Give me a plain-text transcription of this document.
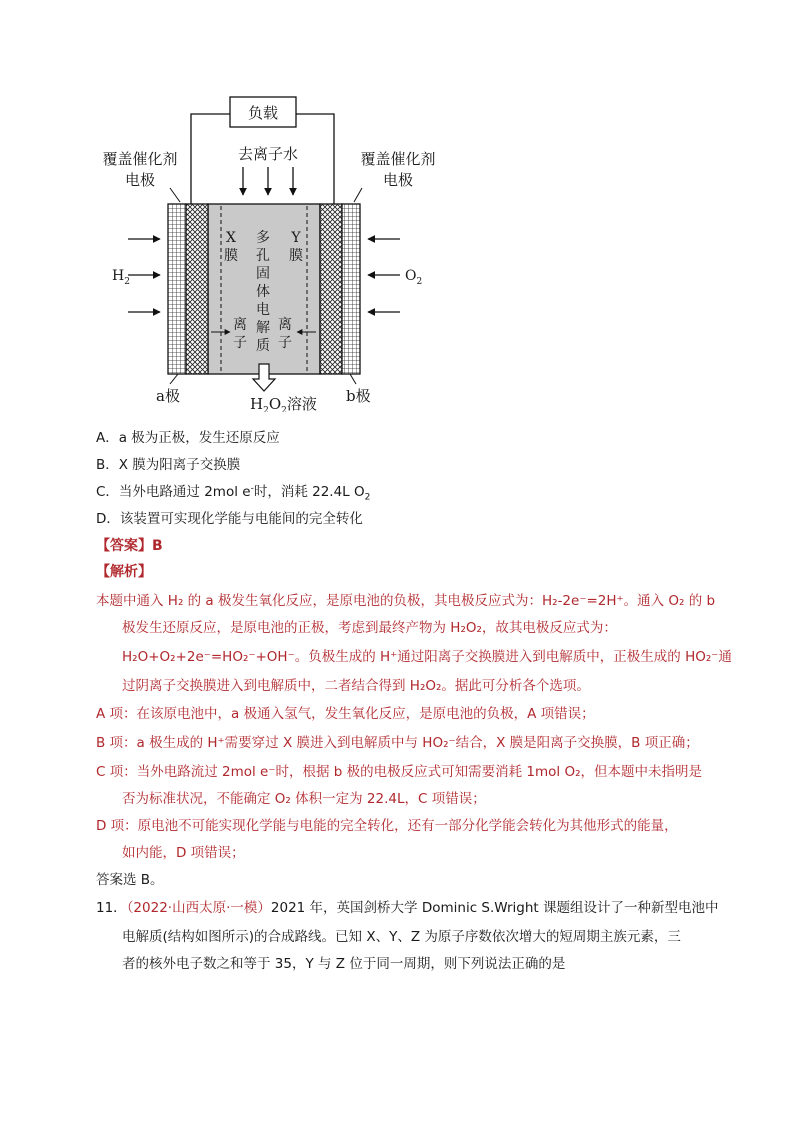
负载
去离子水
覆盖催化剂
电极
覆盖催化剂
电极
X
膜
Y
膜
多
孔
固
体
电
解
质
离
子
离
子
$H_2$	$O_2$
a极	b极
$H_2O_2$溶液
A．a 极为正极，发生还原反应
B．X 膜为阳离子交换膜
C．当外电路通过 2mol e-时，消耗 22.4L $O_2$
D．该装置可实现化学能与电能间的完全转化
【答案】B
【解析】
本题中通入 H₂ 的 a 极发生氧化反应，是原电池的负极，其电极反应式为：H₂-2e⁻=2H⁺。通入 O₂ 的 b
极发生还原反应，是原电池的正极，考虑到最终产物为 H₂O₂，故其电极反应式为：
H₂O+O₂+2e⁻=HO₂⁻+OH⁻。负极生成的 H⁺通过阳离子交换膜进入到电解质中，正极生成的 HO₂⁻通
过阴离子交换膜进入到电解质中，二者结合得到 H₂O₂。据此可分析各个选项。
A 项：在该原电池中，a 极通入氢气，发生氧化反应，是原电池的负极，A 项错误；
B 项：a 极生成的 H⁺需要穿过 X 膜进入到电解质中与 HO₂⁻结合，X 膜是阳离子交换膜，B 项正确；
C 项：当外电路流过 2mol e⁻时，根据 b 极的电极反应式可知需要消耗 1mol O₂，但本题中未指明是
否为标准状况，不能确定 O₂ 体积一定为 22.4L，C 项错误；
D 项：原电池不可能实现化学能与电能的完全转化，还有一部分化学能会转化为其他形式的能量，
如内能，D 项错误；
答案选 B。
11．（2022·山西太原·一模）2021 年，英国剑桥大学 Dominic S.Wright 课题组设计了一种新型电池中
电解质(结构如图所示)的合成路线。已知 X、Y、Z 为原子序数依次增大的短周期主族元素，三
者的核外电子数之和等于 35，Y 与 Z 位于同一周期，则下列说法正确的是
